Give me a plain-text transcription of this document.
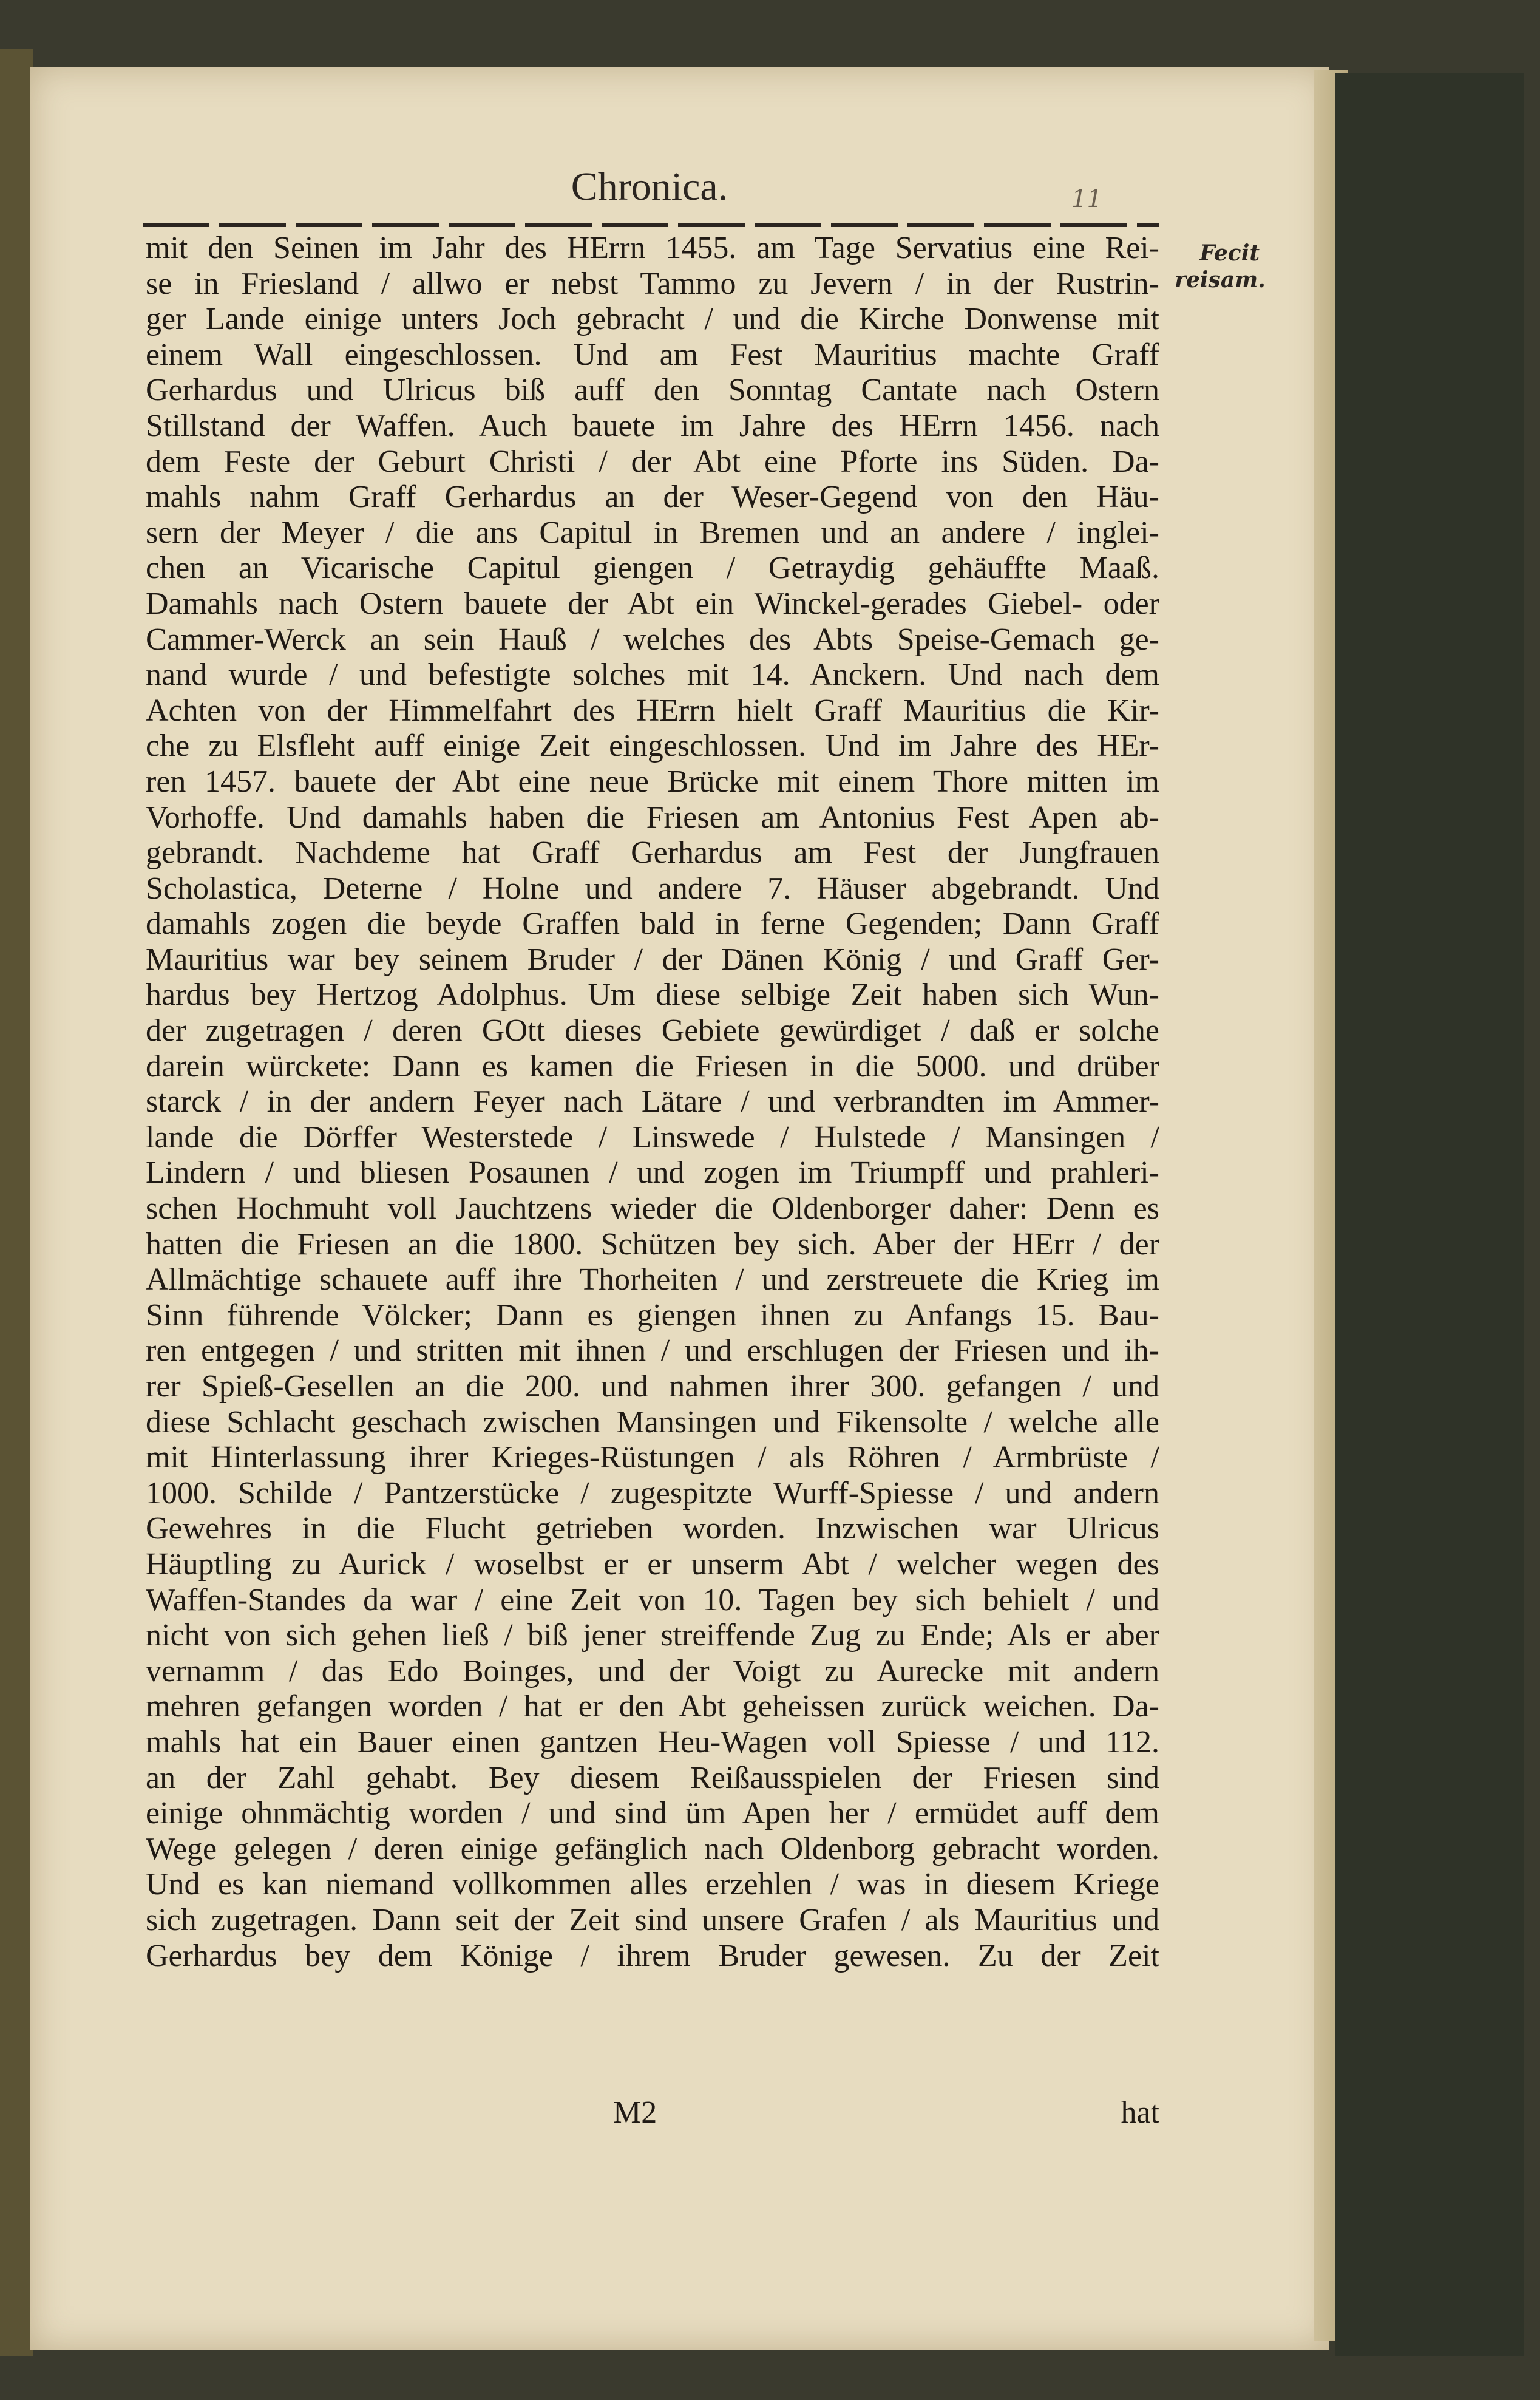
Chronica.	11
Fecit reisam.
mit den Seinen im Jahr des HErrn 1455. am Tage Servatius eine Rei-
se in Friesland / allwo er nebst Tammo zu Jevern / in der Rustrin-
ger Lande einige unters Joch gebracht / und die Kirche Donwense mit
einem Wall eingeschlossen. Und am Fest Mauritius machte Graff
Gerhardus und Ulricus biß auff den Sonntag Cantate nach Ostern
Stillstand der Waffen. Auch bauete im Jahre des HErrn 1456. nach
dem Feste der Geburt Christi / der Abt eine Pforte ins Süden. Da-
mahls nahm Graff Gerhardus an der Weser-Gegend von den Häu-
sern der Meyer / die ans Capitul in Bremen und an andere / inglei-
chen an Vicarische Capitul giengen / Getraydig gehäuffte Maaß.
Damahls nach Ostern bauete der Abt ein Winckel-gerades Giebel- oder
Cammer-Werck an sein Hauß / welches des Abts Speise-Gemach ge-
nand wurde / und befestigte solches mit 14. Anckern. Und nach dem
Achten von der Himmelfahrt des HErrn hielt Graff Mauritius die Kir-
che zu Elsfleht auff einige Zeit eingeschlossen. Und im Jahre des HEr-
ren 1457. bauete der Abt eine neue Brücke mit einem Thore mitten im
Vorhoffe. Und damahls haben die Friesen am Antonius Fest Apen ab-
gebrandt. Nachdeme hat Graff Gerhardus am Fest der Jungfrauen
Scholastica, Deterne / Holne und andere 7. Häuser abgebrandt. Und
damahls zogen die beyde Graffen bald in ferne Gegenden; Dann Graff
Mauritius war bey seinem Bruder / der Dänen König / und Graff Ger-
hardus bey Hertzog Adolphus. Um diese selbige Zeit haben sich Wun-
der zugetragen / deren GOtt dieses Gebiete gewürdiget / daß er solche
darein würckete: Dann es kamen die Friesen in die 5000. und drüber
starck / in der andern Feyer nach Lätare / und verbrandten im Ammer-
lande die Dörffer Westerstede / Linswede / Hulstede / Mansingen /
Lindern / und bliesen Posaunen / und zogen im Triumpff und prahleri-
schen Hochmuht voll Jauchtzens wieder die Oldenborger daher: Denn es
hatten die Friesen an die 1800. Schützen bey sich. Aber der HErr / der
Allmächtige schauete auff ihre Thorheiten / und zerstreuete die Krieg im
Sinn führende Völcker; Dann es giengen ihnen zu Anfangs 15. Bau-
ren entgegen / und stritten mit ihnen / und erschlugen der Friesen und ih-
rer Spieß-Gesellen an die 200. und nahmen ihrer 300. gefangen / und
diese Schlacht geschach zwischen Mansingen und Fikensolte / welche alle
mit Hinterlassung ihrer Krieges-Rüstungen / als Röhren / Armbrüste /
1000. Schilde / Pantzerstücke / zugespitzte Wurff-Spiesse / und andern
Gewehres in die Flucht getrieben worden. Inzwischen war Ulricus
Häuptling zu Aurick / woselbst er er unserm Abt / welcher wegen des
Waffen-Standes da war / eine Zeit von 10. Tagen bey sich behielt / und
nicht von sich gehen ließ / biß jener streiffende Zug zu Ende; Als er aber
vernamm / das Edo Boinges, und der Voigt zu Aurecke mit andern
mehren gefangen worden / hat er den Abt geheissen zurück weichen. Da-
mahls hat ein Bauer einen gantzen Heu-Wagen voll Spiesse / und 112.
an der Zahl gehabt. Bey diesem Reißausspielen der Friesen sind
einige ohnmächtig worden / und sind üm Apen her / ermüdet auff dem
Wege gelegen / deren einige gefänglich nach Oldenborg gebracht worden.
Und es kan niemand vollkommen alles erzehlen / was in diesem Kriege
sich zugetragen. Dann seit der Zeit sind unsere Grafen / als Mauritius und
Gerhardus bey dem Könige / ihrem Bruder gewesen. Zu der Zeit
M2	hat
